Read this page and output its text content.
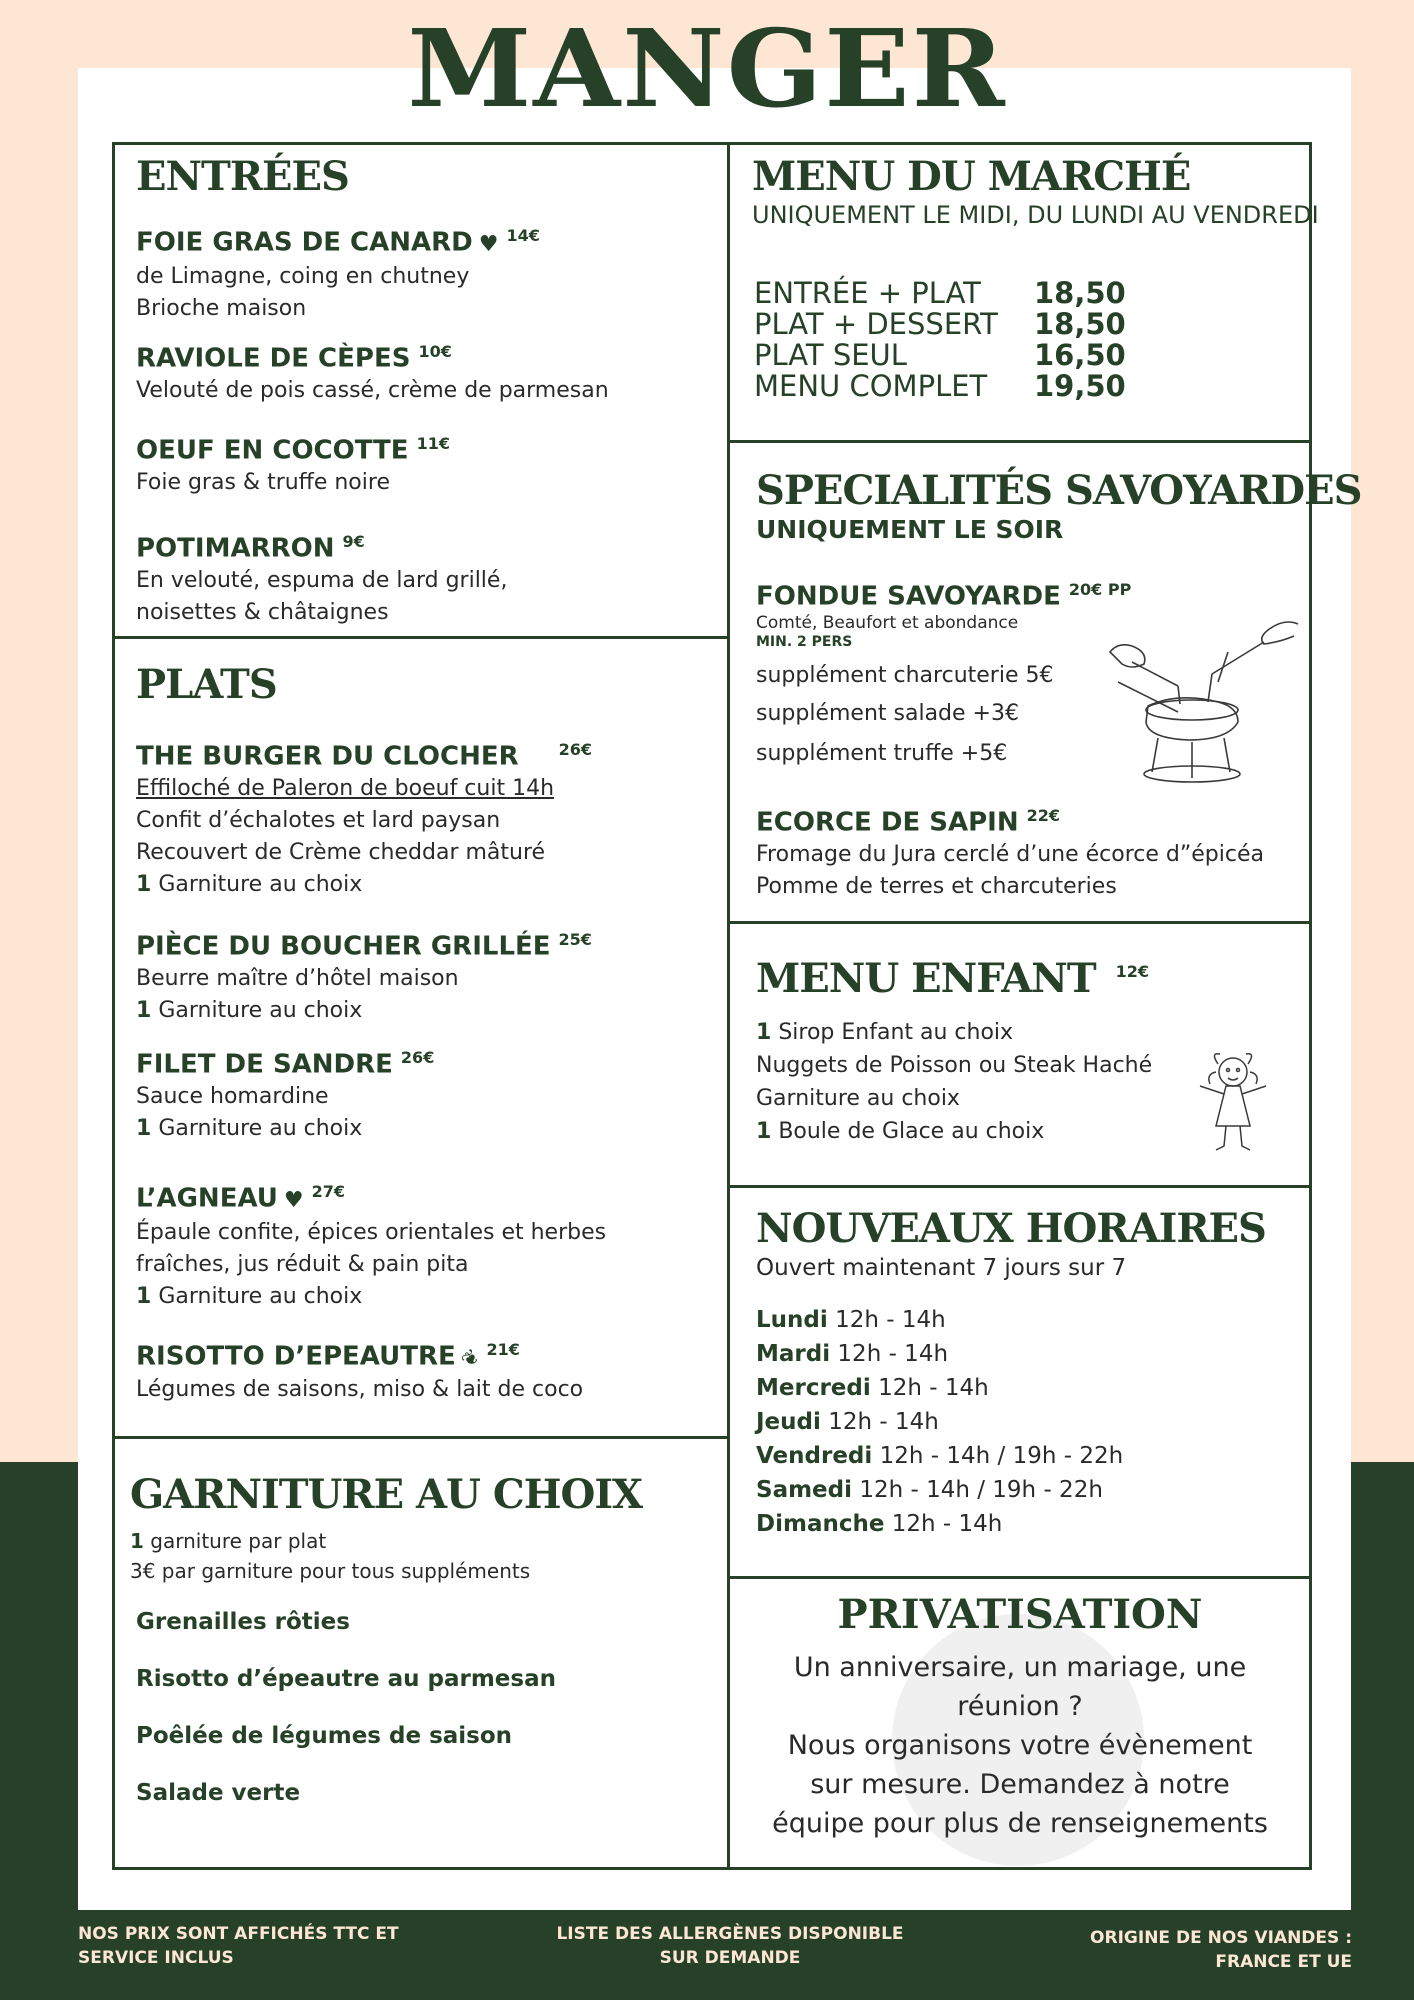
MANGER
ENTRÉES
FOIE GRAS DE CANARD ♥ $^{14€}$
de Limagne, coing en chutney
Brioche maison
RAVIOLE DE CÈPES $^{10€}$
Velouté de pois cassé, crème de parmesan
OEUF EN COCOTTE $^{11€}$
Foie gras & truffe noire
POTIMARRON $^{9€}$
En velouté, espuma de lard grillé,
noisettes & châtaignes
PLATS
THE BURGER DU CLOCHER	$^{26€}$
Effiloché de Paleron de boeuf cuit 14h
Confit d’échalotes et lard paysan
Recouvert de Crème cheddar mâturé
1 Garniture au choix
PIÈCE DU BOUCHER GRILLÉE $^{25€}$
Beurre maître d’hôtel maison
1 Garniture au choix
FILET DE SANDRE $^{26€}$
Sauce homardine
1 Garniture au choix
L’AGNEAU ♥ $^{27€}$
Épaule confite, épices orientales et herbes
fraîches, jus réduit & pain pita
1 Garniture au choix
RISOTTO D’EPEAUTRE❦ $^{21€}$
Légumes de saisons, miso & lait de coco
GARNITURE AU CHOIX
1 garniture par plat
3€ par garniture pour tous suppléments
Grenailles rôties
Risotto d’épeautre au parmesan
Poêlée de légumes de saison
Salade verte
MENU DU MARCHÉ
UNIQUEMENT LE MIDI, DU LUNDI AU VENDREDI
ENTRÉE + PLAT	18,50
PLAT + DESSERT	18,50
PLAT SEUL	16,50
MENU COMPLET	19,50
SPECIALITÉS SAVOYARDES
UNIQUEMENT LE SOIR
FONDUE SAVOYARDE $^{20€ PP}$
Comté, Beaufort et abondance
MIN. 2 PERS
supplément charcuterie 5€
supplément salade +3€
supplément truffe +5€
ECORCE DE SAPIN $^{22€}$
Fromage du Jura cerclé d’une écorce d”épicéa
Pomme de terres et charcuteries
MENU ENFANT 12€
1 Sirop Enfant au choix
Nuggets de Poisson ou Steak Haché
Garniture au choix
1 Boule de Glace au choix
NOUVEAUX HORAIRES
Ouvert maintenant 7 jours sur 7
Lundi 12h - 14h
Mardi 12h - 14h
Mercredi 12h - 14h
Jeudi 12h - 14h
Vendredi 12h - 14h / 19h - 22h
Samedi 12h - 14h / 19h - 22h
Dimanche 12h - 14h
PRIVATISATION
Un anniversaire, un mariage, une
réunion ?
Nous organisons votre évènement
sur mesure. Demandez à notre
équipe pour plus de renseignements
NOS PRIX SONT AFFICHÉS TTC ET SERVICE INCLUS
LISTE DES ALLERGÈNES DISPONIBLE SUR DEMANDE
ORIGINE DE NOS VIANDES : FRANCE ET UE
